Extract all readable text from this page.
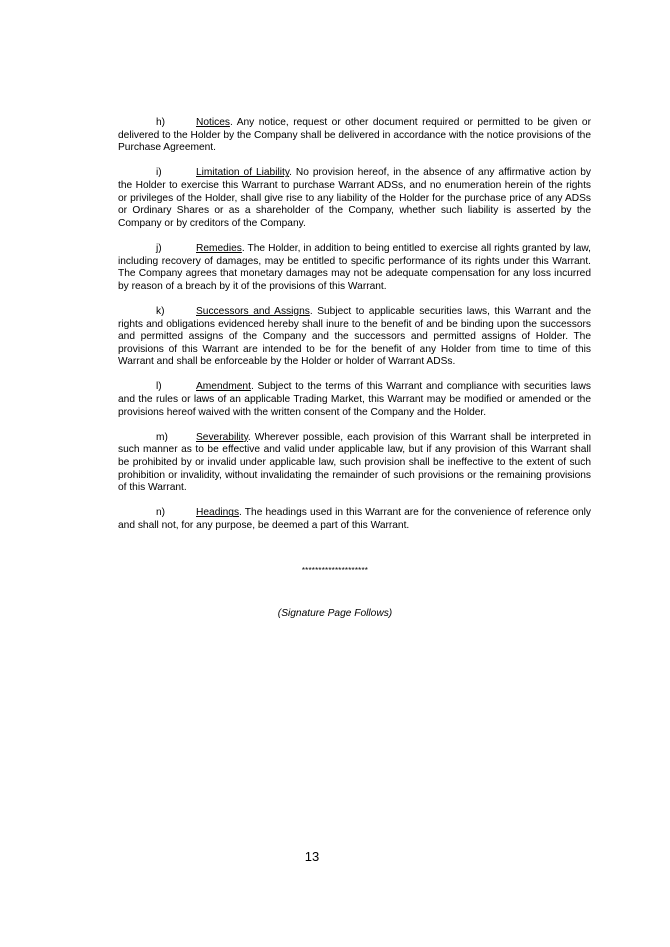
h)	Notices. Any notice, request or other document required or permitted to be given or delivered to the Holder by the Company shall be delivered in accordance with the notice provisions of the Purchase Agreement.

i)	Limitation of Liability. No provision hereof, in the absence of any affirmative action by the Holder to exercise this Warrant to purchase Warrant ADSs, and no enumeration herein of the rights or privileges of the Holder, shall give rise to any liability of the Holder for the purchase price of any ADSs or Ordinary Shares or as a shareholder of the Company, whether such liability is asserted by the Company or by creditors of the Company.

j)	Remedies. The Holder, in addition to being entitled to exercise all rights granted by law, including recovery of damages, may be entitled to specific performance of its rights under this Warrant. The Company agrees that monetary damages may not be adequate compensation for any loss incurred by reason of a breach by it of the provisions of this Warrant.

k)	Successors and Assigns. Subject to applicable securities laws, this Warrant and the rights and obligations evidenced hereby shall inure to the benefit of and be binding upon the successors and permitted assigns of the Company and the successors and permitted assigns of Holder. The provisions of this Warrant are intended to be for the benefit of any Holder from time to time of this Warrant and shall be enforceable by the Holder or holder of Warrant ADSs.

l)	Amendment. Subject to the terms of this Warrant and compliance with securities laws and the rules or laws of an applicable Trading Market, this Warrant may be modified or amended or the provisions hereof waived with the written consent of the Company and the Holder.

m)	Severability. Wherever possible, each provision of this Warrant shall be interpreted in such manner as to be effective and valid under applicable law, but if any provision of this Warrant shall be prohibited by or invalid under applicable law, such provision shall be ineffective to the extent of such prohibition or invalidity, without invalidating the remainder of such provisions or the remaining provisions of this Warrant.

n)	Headings. The headings used in this Warrant are for the convenience of reference only and shall not, for any purpose, be deemed a part of this Warrant.

********************
(Signature Page Follows)
13
